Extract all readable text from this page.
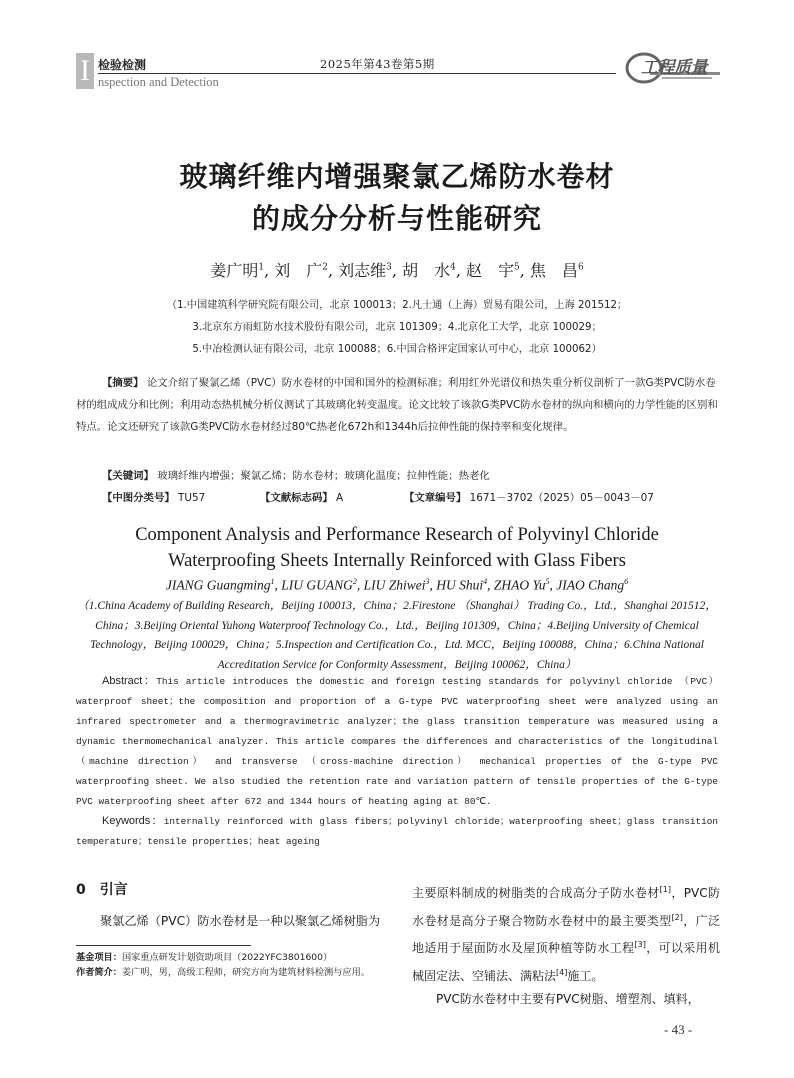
I 检验检测
nspection and Detection
2025年第43卷第5期	工程质量
玻璃纤维内增强聚氯乙烯防水卷材
的成分分析与性能研究
姜广明$^1$, 刘　广$^2$, 刘志维$^3$, 胡　水$^4$, 赵　宇$^5$, 焦　昌$^6$
（1.中国建筑科学研究院有限公司，北京 100013；2.凡士通（上海）贸易有限公司，上海 201512；
3.北京东方雨虹防水技术股份有限公司，北京 101309；4.北京化工大学，北京 100029；
5.中冶检测认证有限公司，北京 100088；6.中国合格评定国家认可中心，北京 100062）
【摘要】 论文介绍了聚氯乙烯（PVC）防水卷材的中国和国外的检测标准；利用红外光谱仪和热失重分析仪剖析了一款G类PVC防水卷材的组成成分和比例；利用动态热机械分析仪测试了其玻璃化转变温度。论文比较了该款G类PVC防水卷材的纵向和横向的力学性能的区别和特点。论文还研究了该款G类PVC防水卷材经过80℃热老化672h和1344h后拉伸性能的保持率和变化规律。
【关键词】 玻璃纤维内增强；聚氯乙烯；防水卷材；玻璃化温度；拉伸性能；热老化
【中图分类号】 TU57	【文献标志码】 A	【文章编号】 1671－3702（2025）05－0043－07
Component Analysis and Performance Research of Polyvinyl Chloride
Waterproofing Sheets Internally Reinforced with Glass Fibers
JIANG Guangming$^1$, LIU GUANG$^2$, LIU Zhiwei$^3$, HU Shui$^4$, ZHAO Yu$^5$, JIAO Chang$^6$
（1.China Academy of Building Research，Beijing 100013，China；2.Firestone （Shanghai） Trading Co.，Ltd.，Shanghai 201512，China；3.Beijing Oriental Yuhong Waterproof Technology Co.，Ltd.，Beijing 101309，China；4.Beijing University of Chemical Technology，Beijing 100029，China；5.Inspection and Certification Co.，Ltd. MCC，Beijing 100088，China；6.China National Accreditation Service for Conformity Assessment，Beijing 100062，China）
Abstract：This article introduces the domestic and foreign testing standards for polyvinyl chloride （PVC） waterproof sheet；the composition and proportion of a G-type PVC waterproofing sheet were analyzed using an infrared spectrometer and a thermogravimetric analyzer；the glass transition temperature was measured using a dynamic thermomechanical analyzer. This article compares the differences and characteristics of the longitudinal （machine direction） and transverse （cross-machine direction） mechanical properties of the G-type PVC waterproofing sheet. We also studied the retention rate and variation pattern of tensile properties of the G-type PVC waterproofing sheet after 672 and 1344 hours of heating aging at 80℃.
Keywords：internally reinforced with glass fibers；polyvinyl chloride；waterproofing sheet；glass transition temperature；tensile properties；heat ageing
0　引言
聚氯乙烯（PVC）防水卷材是一种以聚氯乙烯树脂为
基金项目：国家重点研发计划资助项目（2022YFC3801600）
作者简介：姜广明，男，高级工程师，研究方向为建筑材料检测与应用。

主要原料制成的树脂类的合成高分子防水卷材[1]，PVC防水卷材是高分子聚合物防水卷材中的最主要类型[2]，广泛地适用于屋面防水及屋顶种植等防水工程[3]，可以采用机械固定法、空铺法、满粘法[4]施工。

PVC防水卷材中主要有PVC树脂、增塑剂、填料，

- 43 -
